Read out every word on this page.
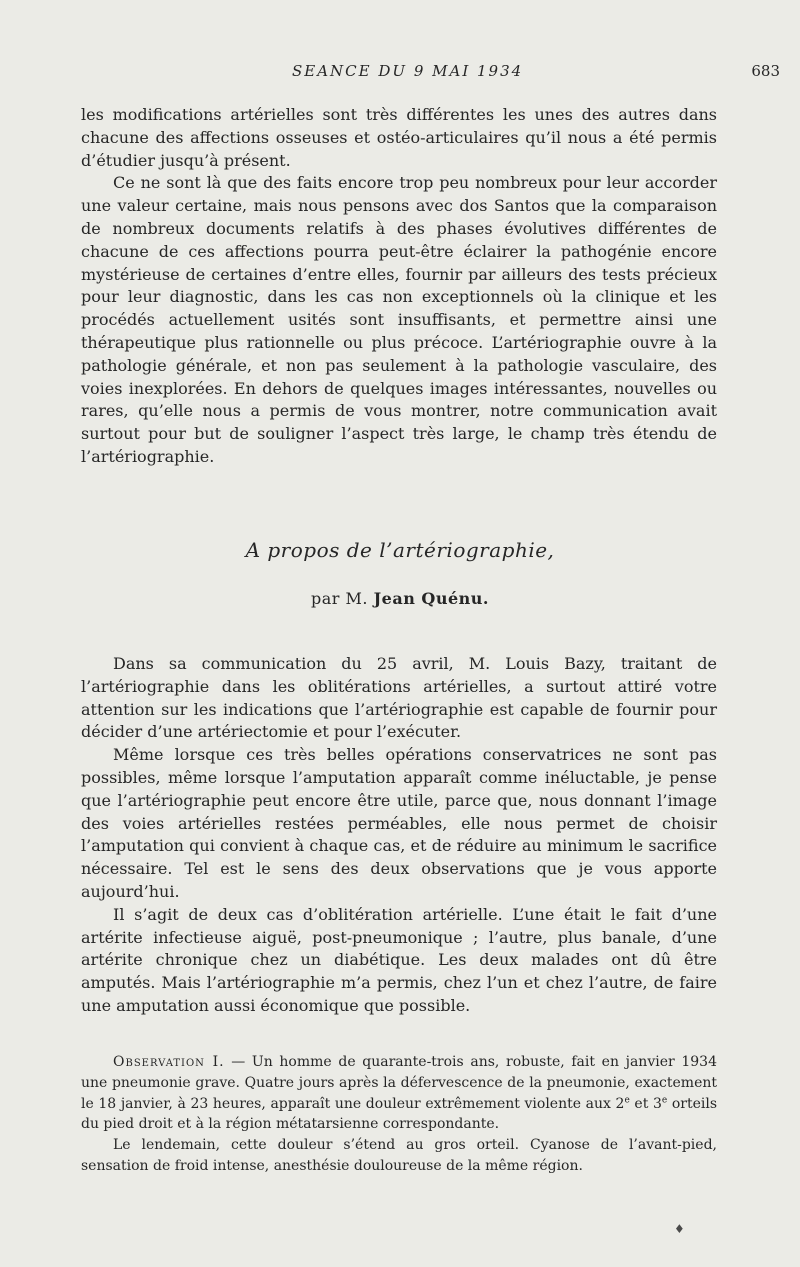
SEANCE DU 9 MAI 1934	683

les modifications artérielles sont très différentes les unes des autres dans chacune des affections osseuses et ostéo-articulaires qu’il nous a été permis d’étudier jusqu’à présent.

Ce ne sont là que des faits encore trop peu nombreux pour leur accorder une valeur certaine, mais nous pensons avec dos Santos que la comparaison de nombreux documents relatifs à des phases évolutives différentes de chacune de ces affections pourra peut-être éclairer la pathogénie encore mystérieuse de certaines d’entre elles, fournir par ailleurs des tests précieux pour leur diagnostic, dans les cas non exceptionnels où la clinique et les procédés actuellement usités sont insuffisants, et permettre ainsi une thérapeutique plus rationnelle ou plus précoce. L’artériographie ouvre à la pathologie générale, et non pas seulement à la pathologie vasculaire, des voies inexplorées. En dehors de quelques images intéressantes, nouvelles ou rares, qu’elle nous a permis de vous montrer, notre communication avait surtout pour but de souligner l’aspect très large, le champ très étendu de l’artériographie.

A propos de l’artériographie,
par M. Jean Quénu.

Dans sa communication du 25 avril, M. Louis Bazy, traitant de l’artériographie dans les oblitérations artérielles, a surtout attiré votre attention sur les indications que l’artériographie est capable de fournir pour décider d’une artériectomie et pour l’exécuter.

Même lorsque ces très belles opérations conservatrices ne sont pas possibles, même lorsque l’amputation apparaît comme inéluctable, je pense que l’artériographie peut encore être utile, parce que, nous donnant l’image des voies artérielles restées perméables, elle nous permet de choisir l’amputation qui convient à chaque cas, et de réduire au minimum le sacrifice nécessaire. Tel est le sens des deux observations que je vous apporte aujourd’hui.

Il s’agit de deux cas d’oblitération artérielle. L’une était le fait d’une artérite infectieuse aiguë, post-pneumonique ; l’autre, plus banale, d’une artérite chronique chez un diabétique. Les deux malades ont dû être amputés. Mais l’artériographie m’a permis, chez l’un et chez l’autre, de faire une amputation aussi économique que possible.

Observation I. — Un homme de quarante-trois ans, robuste, fait en janvier 1934 une pneumonie grave. Quatre jours après la défervescence de la pneumonie, exactement le 18 janvier, à 23 heures, apparaît une douleur extrêmement violente aux 2e et 3e orteils du pied droit et à la région métatarsienne correspondante.

Le lendemain, cette douleur s’étend au gros orteil. Cyanose de l’avant-pied, sensation de froid intense, anesthésie douloureuse de la même région.

♦
